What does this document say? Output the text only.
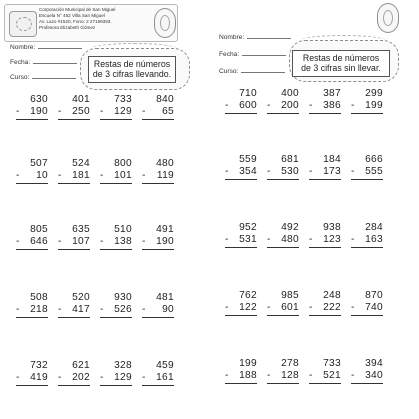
Corporación Municipal de San Miguel
Escuela N° 462 Villa San Miguel
Av. Lazo #1520, Fono: 2 27169393.
Profesora Elizabeth Gómez
Nombre:
Fecha:
Curso:
Restas de números
de 3 cifras llevando.
630
- 190
401
- 250
733
- 129
840
- 65
507
- 10
524
- 181
800
- 101
480
- 119
805
- 646
635
- 107
510
- 138
491
- 190
508
- 218
520
- 417
930
- 526
481
- 90
732
- 419
621
- 202
328
- 129
459
- 161
Nombre:
Fecha:
Curso:
Restas de números
de 3 cifras sin llevar.
710
- 600
400
- 200
387
- 386
299
- 199
559
- 354
681
- 530
184
- 173
666
- 555
952
- 531
492
- 480
938
- 123
284
- 163
762
- 122
985
- 601
248
- 222
870
- 740
199
- 188
278
- 128
733
- 521
394
- 340
